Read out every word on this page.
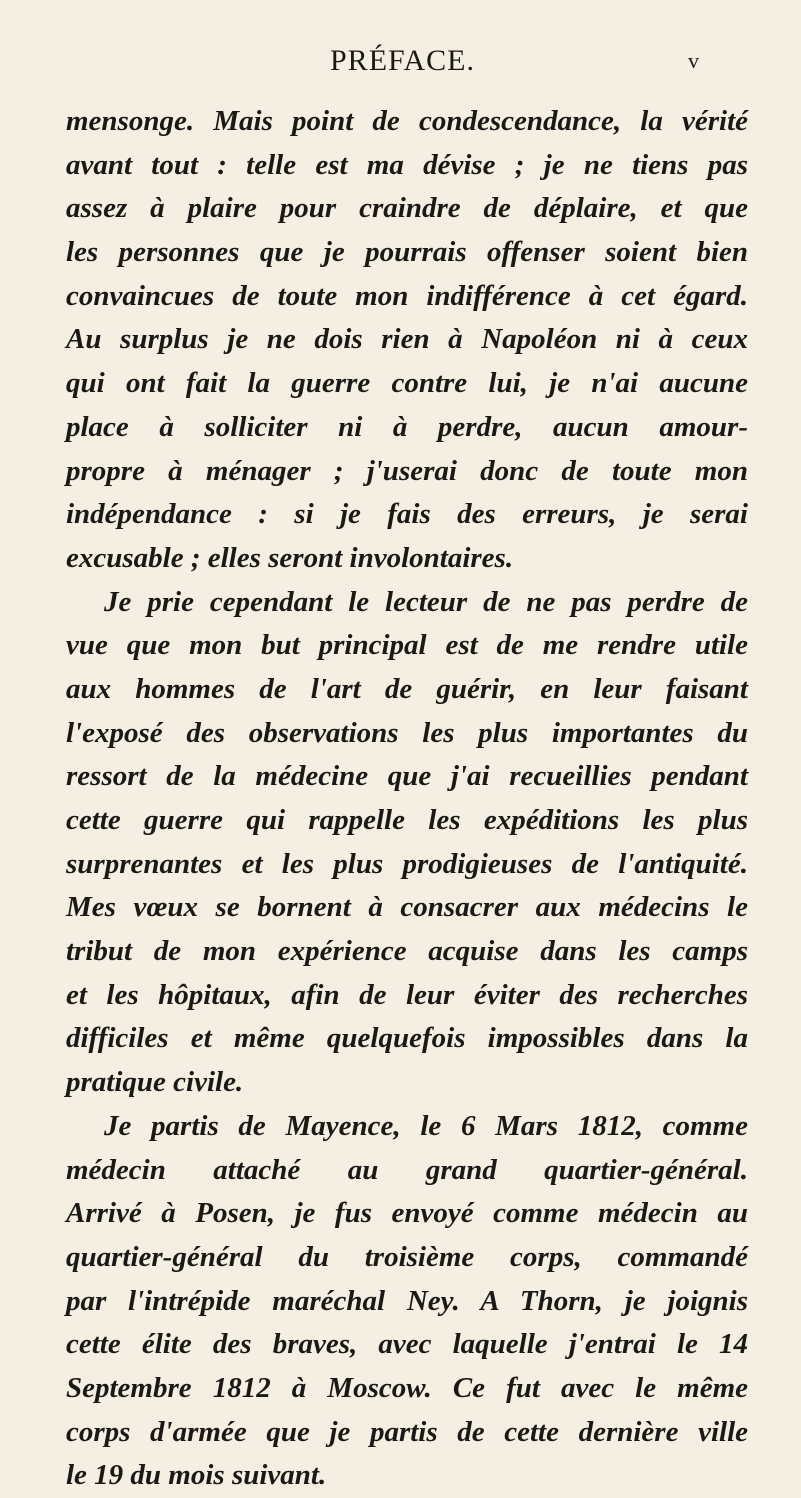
PRÉFACE.	v
mensonge. Mais point de condescendance, la vérité
avant tout : telle est ma dévise ; je ne tiens pas
assez à plaire pour craindre de déplaire, et que
les personnes que je pourrais offenser soient bien
convaincues de toute mon indifférence à cet égard.
Au surplus je ne dois rien à Napoléon ni à ceux
qui ont fait la guerre contre lui, je n'ai aucune
place à solliciter ni à perdre, aucun amour-
propre à ménager ; j'userai donc de toute mon
indépendance : si je fais des erreurs, je serai
excusable ; elles seront involontaires.
Je prie cependant le lecteur de ne pas perdre de
vue que mon but principal est de me rendre utile
aux hommes de l'art de guérir, en leur faisant
l'exposé des observations les plus importantes du
ressort de la médecine que j'ai recueillies pendant
cette guerre qui rappelle les expéditions les plus
surprenantes et les plus prodigieuses de l'antiquité.
Mes vœux se bornent à consacrer aux médecins le
tribut de mon expérience acquise dans les camps
et les hôpitaux, afin de leur éviter des recherches
difficiles et même quelquefois impossibles dans la
pratique civile.
Je partis de Mayence, le 6 Mars 1812, comme
médecin attaché au grand quartier-général.
Arrivé à Posen, je fus envoyé comme médecin au
quartier-général du troisième corps, commandé
par l'intrépide maréchal Ney. A Thorn, je joignis
cette élite des braves, avec laquelle j'entrai le 14
Septembre 1812 à Moscow. Ce fut avec le même
corps d'armée que je partis de cette dernière ville
le 19 du mois suivant.
